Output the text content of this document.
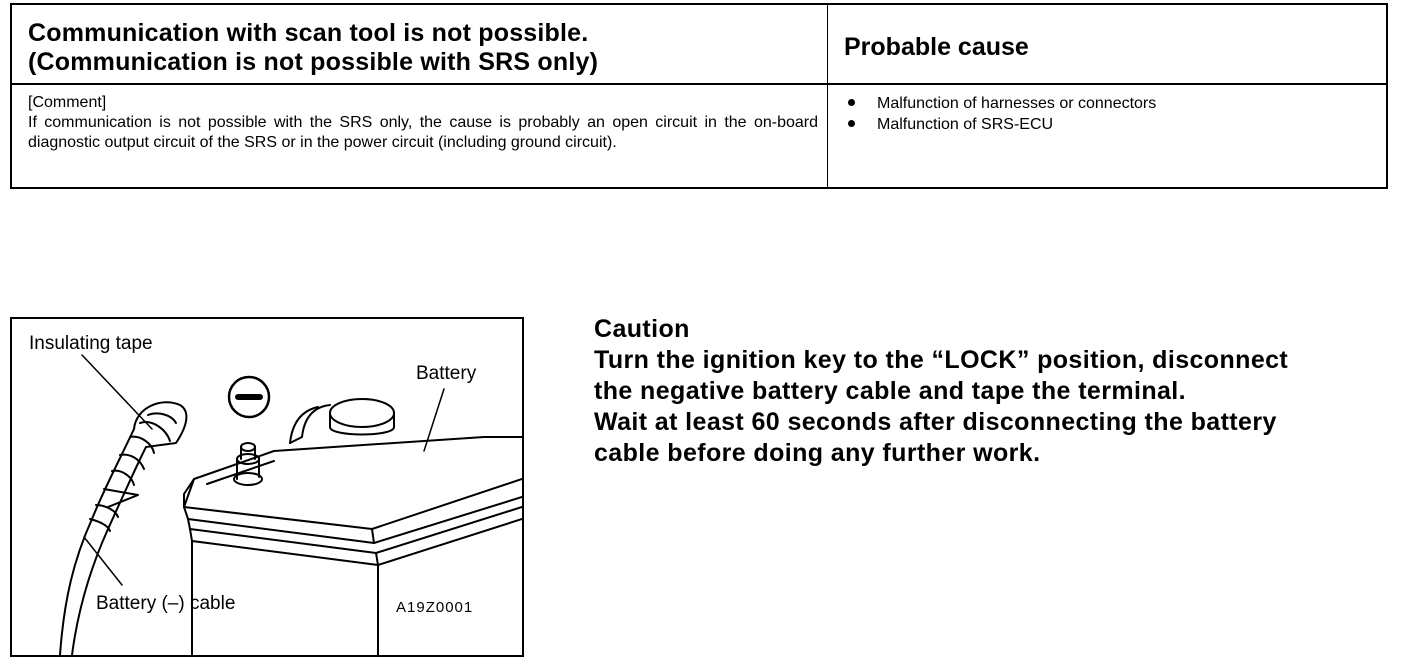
Communication with scan tool is not possible.
(Communication is not possible with SRS only)
Probable cause

[Comment]

If communication is not possible with the SRS only, the cause is probably an open circuit in the on-board diagnostic output circuit of the SRS or in the power circuit (including ground circuit).

Malfunction of harnesses or connectors
Malfunction of SRS-ECU
Insulating tape
Battery
Battery (–) cable	A19Z0001
Caution
Turn the ignition key to the “LOCK” position, disconnect
the negative battery cable and tape the terminal.
Wait at least 60 seconds after disconnecting the battery
cable before doing any further work.
